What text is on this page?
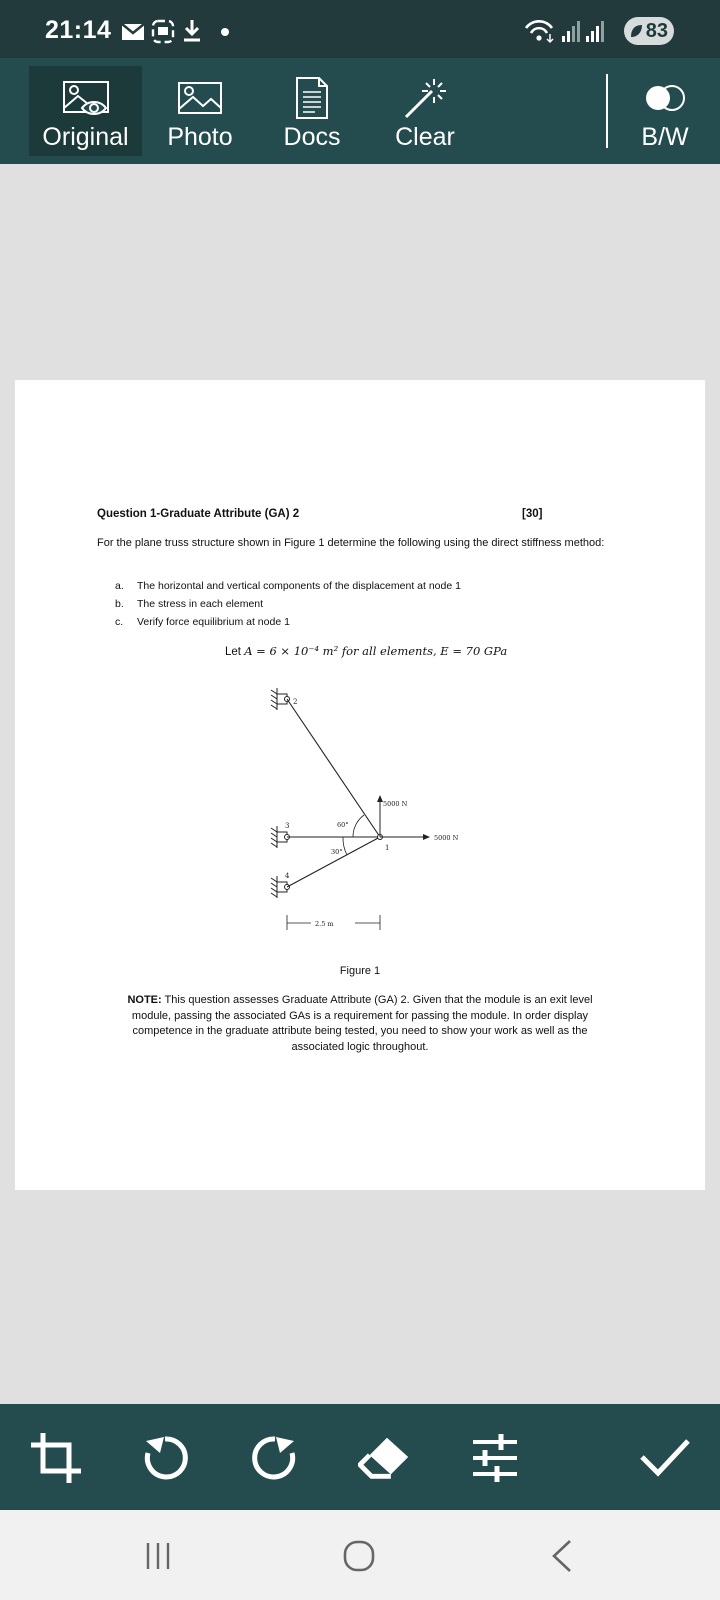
21:14	83
Original Photo Docs Clear	B/W
Question 1-Graduate Attribute (GA) 2	[30]
For the plane truss structure shown in Figure 1 determine the following using the direct stiffness method:
a.	The horizontal and vertical components of the displacement at node 1
b.	The stress in each element
c.	Verify force equilibrium at node 1
Let A = 6 × 10⁻⁴ m² for all elements, E = 70 GPa
2
3
4
1
5000 N
5000 N
60°
30°
2.5 m
Figure 1
NOTE: This question assesses Graduate Attribute (GA) 2. Given that the module is an exit level module, passing the associated GAs is a requirement for passing the module. In order display competence in the graduate attribute being tested, you need to show your work as well as the associated logic throughout.
